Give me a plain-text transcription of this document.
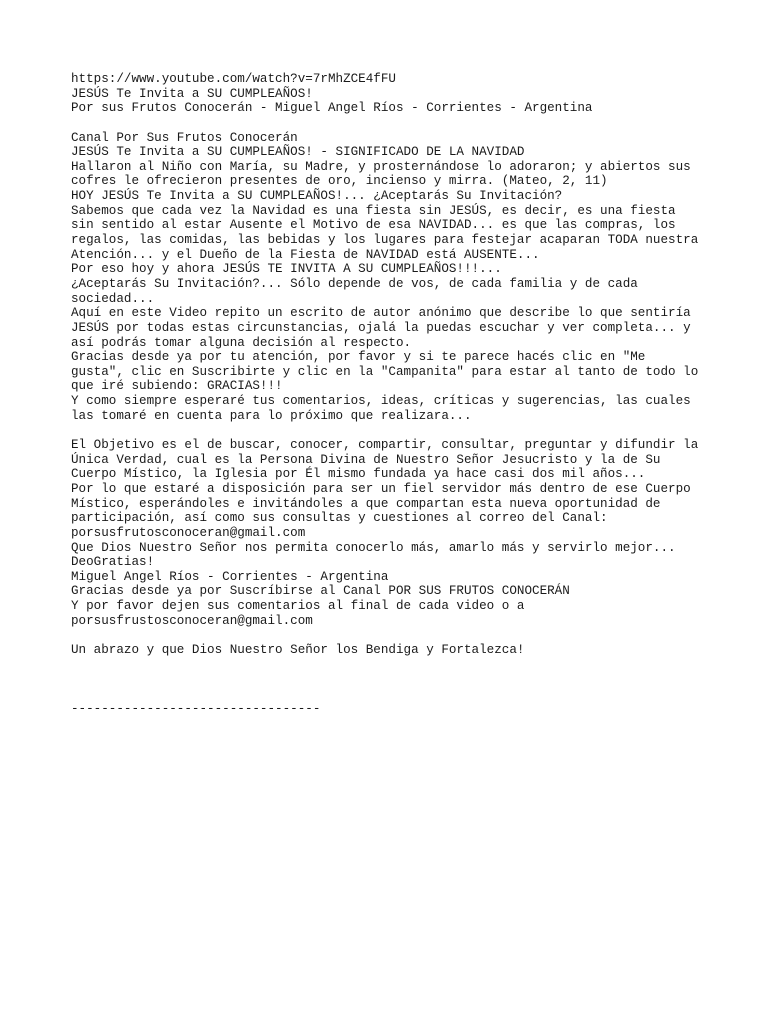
https://www.youtube.com/watch?v=7rMhZCE4fFU
JESÚS Te Invita a SU CUMPLEAÑOS!
Por sus Frutos Conocerán - Miguel Angel Ríos - Corrientes - Argentina
Canal Por Sus Frutos Conocerán
JESÚS Te Invita a SU CUMPLEAÑOS! - SIGNIFICADO DE LA NAVIDAD
Hallaron al Niño con María, su Madre, y prosternándose lo adoraron; y abiertos sus
cofres le ofrecieron presentes de oro, incienso y mirra. (Mateo, 2, 11)
HOY JESÚS Te Invita a SU CUMPLEAÑOS!... ¿Aceptarás Su Invitación?
Sabemos que cada vez la Navidad es una fiesta sin JESÚS, es decir, es una fiesta
sin sentido al estar Ausente el Motivo de esa NAVIDAD... es que las compras, los
regalos, las comidas, las bebidas y los lugares para festejar acaparan TODA nuestra
Atención... y el Dueño de la Fiesta de NAVIDAD está AUSENTE...
Por eso hoy y ahora JESÚS TE INVITA A SU CUMPLEAÑOS!!!...
¿Aceptarás Su Invitación?... Sólo depende de vos, de cada familia y de cada
sociedad...
Aquí en este Video repito un escrito de autor anónimo que describe lo que sentiría
JESÚS por todas estas circunstancias, ojalá la puedas escuchar y ver completa... y
así podrás tomar alguna decisión al respecto.
Gracias desde ya por tu atención, por favor y si te parece hacés clic en "Me
gusta", clic en Suscribirte y clic en la "Campanita" para estar al tanto de todo lo
que iré subiendo: GRACIAS!!!
Y como siempre esperaré tus comentarios, ideas, críticas y sugerencias, las cuales
las tomaré en cuenta para lo próximo que realizara...
El Objetivo es el de buscar, conocer, compartir, consultar, preguntar y difundir la
Única Verdad, cual es la Persona Divina de Nuestro Señor Jesucristo y la de Su
Cuerpo Místico, la Iglesia por Él mismo fundada ya hace casi dos mil años...
Por lo que estaré a disposición para ser un fiel servidor más dentro de ese Cuerpo
Místico, esperándoles e invitándoles a que compartan esta nueva oportunidad de
participación, así como sus consultas y cuestiones al correo del Canal:
porsusfrutosconoceran@gmail.com
Que Dios Nuestro Señor nos permita conocerlo más, amarlo más y servirlo mejor...
DeoGratias!
Miguel Angel Ríos - Corrientes - Argentina
Gracias desde ya por Suscríbirse al Canal POR SUS FRUTOS CONOCERÁN
Y por favor dejen sus comentarios al final de cada video o a
porsusfrustosconoceran@gmail.com
Un abrazo y que Dios Nuestro Señor los Bendiga y Fortalezca!
---------------------------------
